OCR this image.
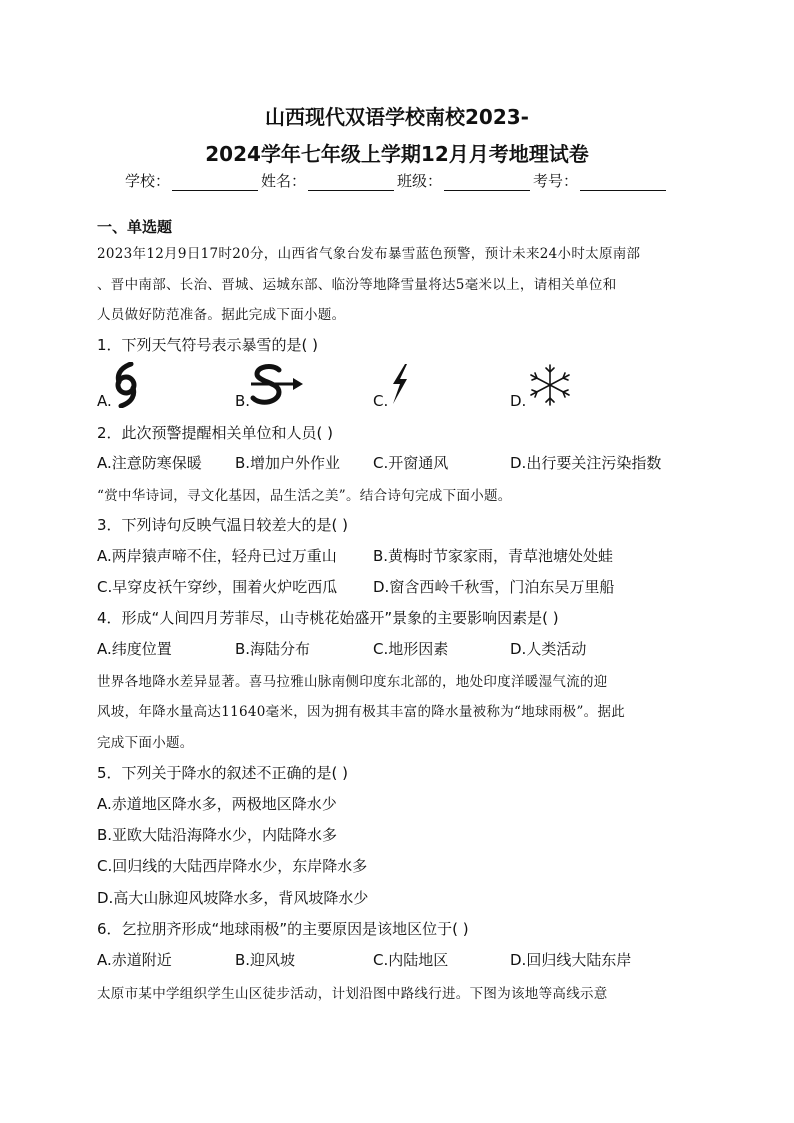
山西现代双语学校南校2023-
2024学年七年级上学期12月月考地理试卷
学校：	姓名：	班级：	考号：
一、单选题
2023年12月9日17时20分，山西省气象台发布暴雪蓝色预警，预计未来24小时太原南部
、晋中南部、长治、晋城、运城东部、临汾等地降雪量将达5毫米以上，请相关单位和
人员做好防范准备。据此完成下面小题。
1．下列天气符号表示暴雪的是( )
A.	B.	C.	D.
2．此次预警提醒相关单位和人员( )
A.注意防寒保暖 B.增加户外作业 C.开窗通风	D.出行要关注污染指数
“赏中华诗词，寻文化基因，品生活之美”。结合诗句完成下面小题。
3．下列诗句反映气温日较差大的是( )
A.两岸猿声啼不住，轻舟已过万重山 B.黄梅时节家家雨，青草池塘处处蛙
C.早穿皮袄午穿纱，围着火炉吃西瓜 D.窗含西岭千秋雪，门泊东吴万里船
4．形成“人间四月芳菲尽，山寺桃花始盛开”景象的主要影响因素是( )
A.纬度位置	B.海陆分布	C.地形因素	D.人类活动
世界各地降水差异显著。喜马拉雅山脉南侧印度东北部的，地处印度洋暖湿气流的迎
风坡，年降水量高达11640毫米，因为拥有极其丰富的降水量被称为“地球雨极”。据此
完成下面小题。
5．下列关于降水的叙述不正确的是( )
A.赤道地区降水多，两极地区降水少
B.亚欧大陆沿海降水少，内陆降水多
C.回归线的大陆西岸降水少，东岸降水多
D.高大山脉迎风坡降水多，背风坡降水少
6．乞拉朋齐形成“地球雨极”的主要原因是该地区位于( )
A.赤道附近	B.迎风坡	C.内陆地区	D.回归线大陆东岸
太原市某中学组织学生山区徒步活动，计划沿图中路线行进。下图为该地等高线示意
